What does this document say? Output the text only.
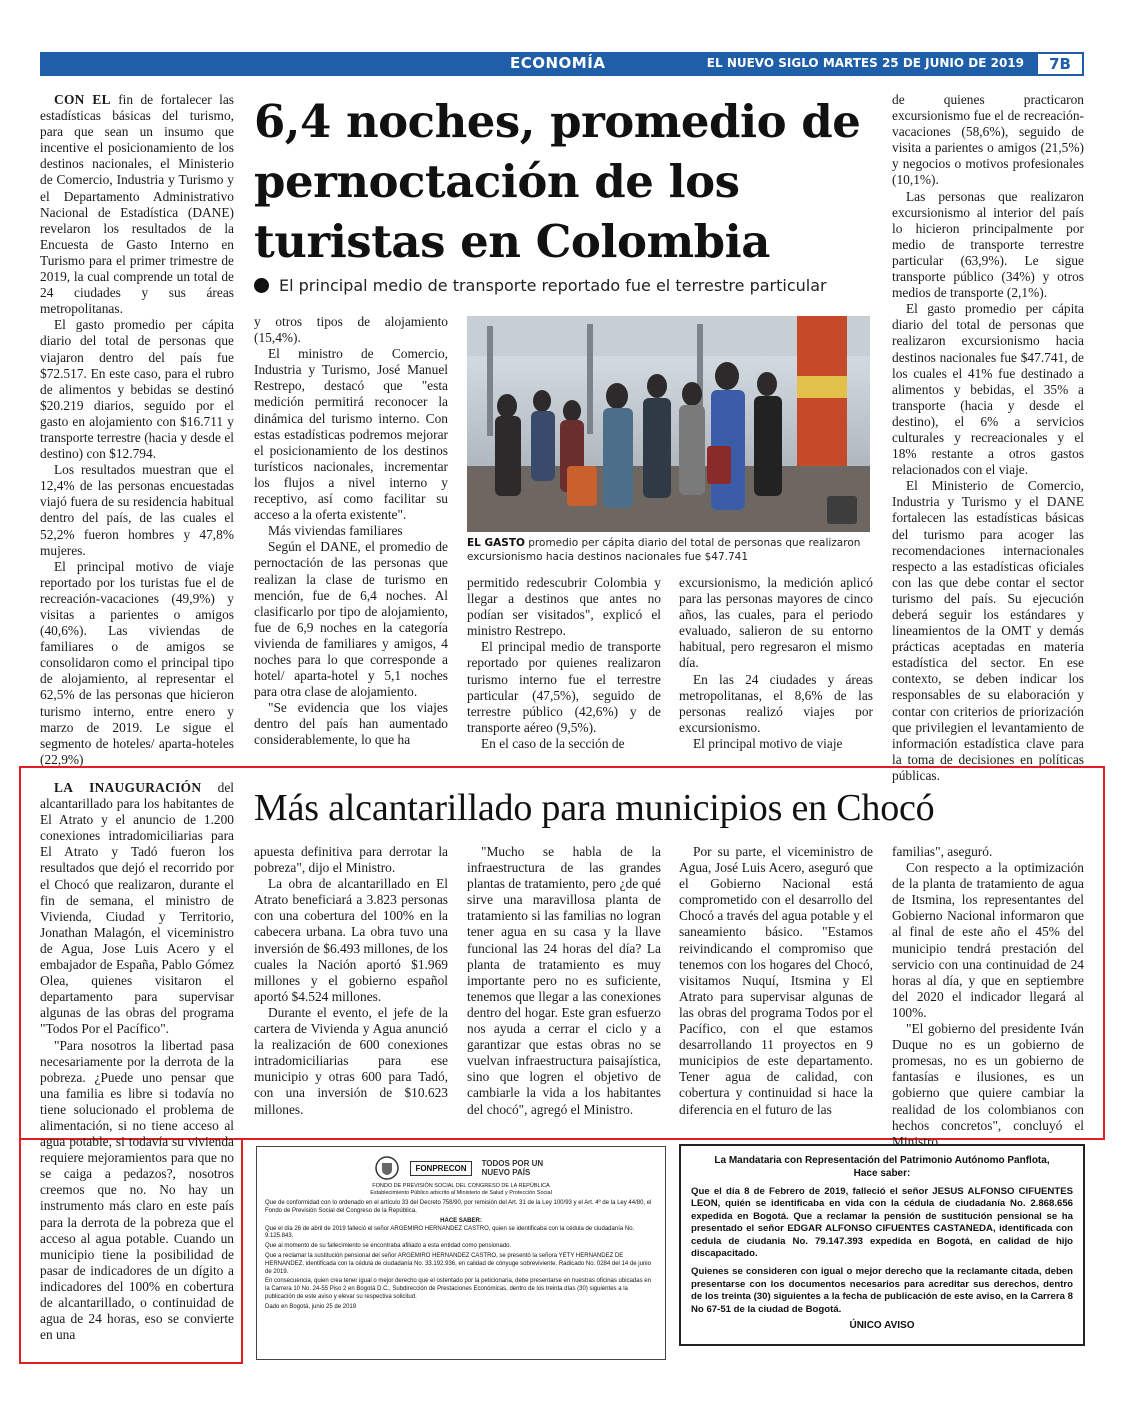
ECONOMÍA	EL NUEVO SIGLO MARTES 25 DE JUNIO DE 2019	7B
6,4 noches, promedio de pernoctación de los turistas en Colombia
El principal medio de transporte reportado fue el terrestre particular

CON EL fin de fortalecer las estadísticas básicas del turismo, para que sean un insumo que incentive el posicionamiento de los destinos nacionales, el Ministerio de Comercio, Industria y Turismo y el Departamento Administrativo Nacional de Estadística (DANE) revelaron los resultados de la Encuesta de Gasto Interno en Turismo para el primer trimestre de 2019, la cual comprende un total de 24 ciudades y sus áreas metropolitanas.

El gasto promedio per cápita diario del total de personas que viajaron dentro del país fue $72.517. En este caso, para el rubro de alimentos y bebidas se destinó $20.219 diarios, seguido por el gasto en alojamiento con $16.711 y transporte terrestre (hacia y desde el destino) con $12.794.

Los resultados muestran que el 12,4% de las personas encuestadas viajó fuera de su residencia habitual dentro del país, de las cuales el 52,2% fueron hombres y 47,8% mujeres.

El principal motivo de viaje reportado por los turistas fue el de recreación-vacaciones (49,9%) y visitas a parientes o amigos (40,6%). Las viviendas de familiares o de amigos se consolidaron como el principal tipo de alojamiento, al representar el 62,5% de las personas que hicieron turismo interno, entre enero y marzo de 2019. Le sigue el segmento de hoteles/ aparta-hoteles (22,9%)

y otros tipos de alojamiento (15,4%).

El ministro de Comercio, Industria y Turismo, José Manuel Restrepo, destacó que "esta medición permitirá reconocer la dinámica del turismo interno. Con estas estadísticas podremos mejorar el posicionamiento de los destinos turísticos nacionales, incrementar los flujos a nivel interno y receptivo, así como facilitar su acceso a la oferta existente".

Más viviendas familiares

Según el DANE, el promedio de pernoctación de las personas que realizan la clase de turismo en mención, fue de 6,4 noches. Al clasificarlo por tipo de alojamiento, fue de 6,9 noches en la categoría vivienda de familiares y amigos, 4 noches para lo que corresponde a hotel/ aparta-hotel y 5,1 noches para otra clase de alojamiento.

"Se evidencia que los viajes dentro del país han aumentado considerablemente, lo que ha

EL GASTO promedio per cápita diario del total de personas que realizaron excursionismo hacia destinos nacionales fue $47.741

permitido redescubrir Colombia y llegar a destinos que antes no podían ser visitados", explicó el ministro Restrepo.

El principal medio de transporte reportado por quienes realizaron turismo interno fue el terrestre particular (47,5%), seguido de terrestre público (42,6%) y de transporte aéreo (9,5%).

En el caso de la sección de

excursionismo, la medición aplicó para las personas mayores de cinco años, las cuales, para el periodo evaluado, salieron de su entorno habitual, pero regresaron el mismo día.

En las 24 ciudades y áreas metropolitanas, el 8,6% de las personas realizó viajes por excursionismo.

El principal motivo de viaje

de quienes practicaron excursionismo fue el de recreación-vacaciones (58,6%), seguido de visita a parientes o amigos (21,5%) y negocios o motivos profesionales (10,1%).

Las personas que realizaron excursionismo al interior del país lo hicieron principalmente por medio de transporte terrestre particular (63,9%). Le sigue transporte público (34%) y otros medios de transporte (2,1%).

El gasto promedio per cápita diario del total de personas que realizaron excursionismo hacia destinos nacionales fue $47.741, de los cuales el 41% fue destinado a alimentos y bebidas, el 35% a transporte (hacia y desde el destino), el 6% a servicios culturales y recreacionales y el 18% restante a otros gastos relacionados con el viaje.

El Ministerio de Comercio, Industria y Turismo y el DANE fortalecen las estadísticas básicas del turismo para acoger las recomendaciones internacionales respecto a las estadísticas oficiales con las que debe contar el sector turismo del país. Su ejecución deberá seguir los estándares y lineamientos de la OMT y demás prácticas aceptadas en materia estadística del sector. En ese contexto, se deben indicar los responsables de su elaboración y contar con criterios de priorización que privilegien el levantamiento de información estadística clave para la toma de decisiones en políticas públicas.

Más alcantarillado para municipios en Chocó

LA INAUGURACIÓN del alcantarillado para los habitantes de El Atrato y el anuncio de 1.200 conexiones intradomiciliarias para El Atrato y Tadó fueron los resultados que dejó el recorrido por el Chocó que realizaron, durante el fin de semana, el ministro de Vivienda, Ciudad y Territorio, Jonathan Malagón, el viceministro de Agua, Jose Luis Acero y el embajador de España, Pablo Gómez Olea, quienes visitaron el departamento para supervisar algunas de las obras del programa "Todos Por el Pacífico".

"Para nosotros la libertad pasa necesariamente por la derrota de la pobreza. ¿Puede uno pensar que una familia es libre si todavía no tiene solucionado el problema de alimentación, si no tiene acceso al agua potable, si todavía su vivienda requiere mejoramientos para que no se caiga a pedazos?, nosotros creemos que no. No hay un instrumento más claro en este país para la derrota de la pobreza que el acceso al agua potable. Cuando un municipio tiene la posibilidad de pasar de indicadores de un dígito a indicadores del 100% en cobertura de alcantarillado, o continuidad de agua de 24 horas, eso se convierte en una

apuesta definitiva para derrotar la pobreza", dijo el Ministro.

La obra de alcantarillado en El Atrato beneficiará a 3.823 personas con una cobertura del 100% en la cabecera urbana. La obra tuvo una inversión de $6.493 millones, de los cuales la Nación aportó $1.969 millones y el gobierno español aportó $4.524 millones.

Durante el evento, el jefe de la cartera de Vivienda y Agua anunció la realización de 600 conexiones intradomiciliarias para ese municipio y otras 600 para Tadó, con una inversión de $10.623 millones.

"Mucho se habla de la infraestructura de las grandes plantas de tratamiento, pero ¿de qué sirve una maravillosa planta de tratamiento si las familias no logran tener agua en su casa y la llave funcional las 24 horas del día? La planta de tratamiento es muy importante pero no es suficiente, tenemos que llegar a las conexiones dentro del hogar. Este gran esfuerzo nos ayuda a cerrar el ciclo y a garantizar que estas obras no se vuelvan infraestructura paisajística, sino que logren el objetivo de cambiarle la vida a los habitantes del chocó", agregó el Ministro.

Por su parte, el viceministro de Agua, José Luis Acero, aseguró que el Gobierno Nacional está comprometido con el desarrollo del Chocó a través del agua potable y el saneamiento básico. "Estamos reivindicando el compromiso que tenemos con los hogares del Chocó, visitamos Nuquí, Itsmina y El Atrato para supervisar algunas de las obras del programa Todos por el Pacífico, con el que estamos desarrollando 11 proyectos en 9 municipios de este departamento. Tener agua de calidad, con cobertura y continuidad si hace la diferencia en el futuro de las

familias", aseguró.

Con respecto a la optimización de la planta de tratamiento de agua de Itsmina, los representantes del Gobierno Nacional informaron que al final de este año el 45% del municipio tendrá prestación del servicio con una continuidad de 24 horas al día, y que en septiembre del 2020 el indicador llegará al 100%.

"El gobierno del presidente Iván Duque no es un gobierno de promesas, no es un gobierno de fantasías e ilusiones, es un gobierno que quiere cambiar la realidad de los colombianos con hechos concretos", concluyó el Ministro.

FONPRECON	TODOS POR UN NUEVO PAÍS
FONDO DE PREVISIÓN SOCIAL DEL CONGRESO DE LA REPÚBLICA
Establecimiento Público adscrito al Ministerio de Salud y Protección Social
Que de conformidad con lo ordenado en el artículo 33 del Decreto 758/90, por remisión del Art. 31 de la Ley 100/93 y el Art. 4º de la Ley 44/80, el Fondo de Previsión Social del Congreso de la República,
HACE SABER:
Que el día 26 de abril de 2019 falleció el señor ARGEMIRO HERNANDEZ CASTRO, quien se identificaba con la cédula de ciudadanía No. 9.125.843.
Que al momento de su fallecimiento se encontraba afiliado a esta entidad como pensionado.
Que a reclamar la sustitución pensional del señor ARGEMIRO HERNANDEZ CASTRO, se presentó la señora YETY HERNANDEZ DE HERNANDEZ, identificada con la cédula de ciudadanía No. 33.192.936, en calidad de cónyuge sobreviviente. Radicado No. 0284 del 14 de junio de 2019.
En consecuencia, quien crea tener igual o mejor derecho que el ostentado por la peticionaria, debe presentarse en nuestras oficinas ubicadas en la Carrera 10 No. 24-55 Piso 2 en Bogotá D.C., Subdirección de Prestaciones Económicas, dentro de los treinta días (30) siguientes a la publicación de este aviso y elevar su respectiva solicitud.
Dado en Bogotá, junio 25 de 2019
La Mandataria con Representación del Patrimonio Autónomo Panflota,
Hace saber:
Que el día 8 de Febrero de 2019, falleció el señor JESUS ALFONSO CIFUENTES LEON, quién se identificaba en vida con la cédula de ciudadanía No. 2.868.656 expedida en Bogotá. Que a reclamar la pensión de sustitución pensional se ha presentado el señor EDGAR ALFONSO CIFUENTES CASTANEDA, identificada con cedula de ciudania No. 79.147.393 expedida en Bogotá, en calidad de hijo discapacitado.
Quienes se consideren con igual o mejor derecho que la reclamante citada, deben presentarse con los documentos necesarios para acreditar sus derechos, dentro de los treinta (30) siguientes a la fecha de publicación de este aviso, en la Carrera 8 No 67-51 de la ciudad de Bogotá.
ÚNICO AVISO
